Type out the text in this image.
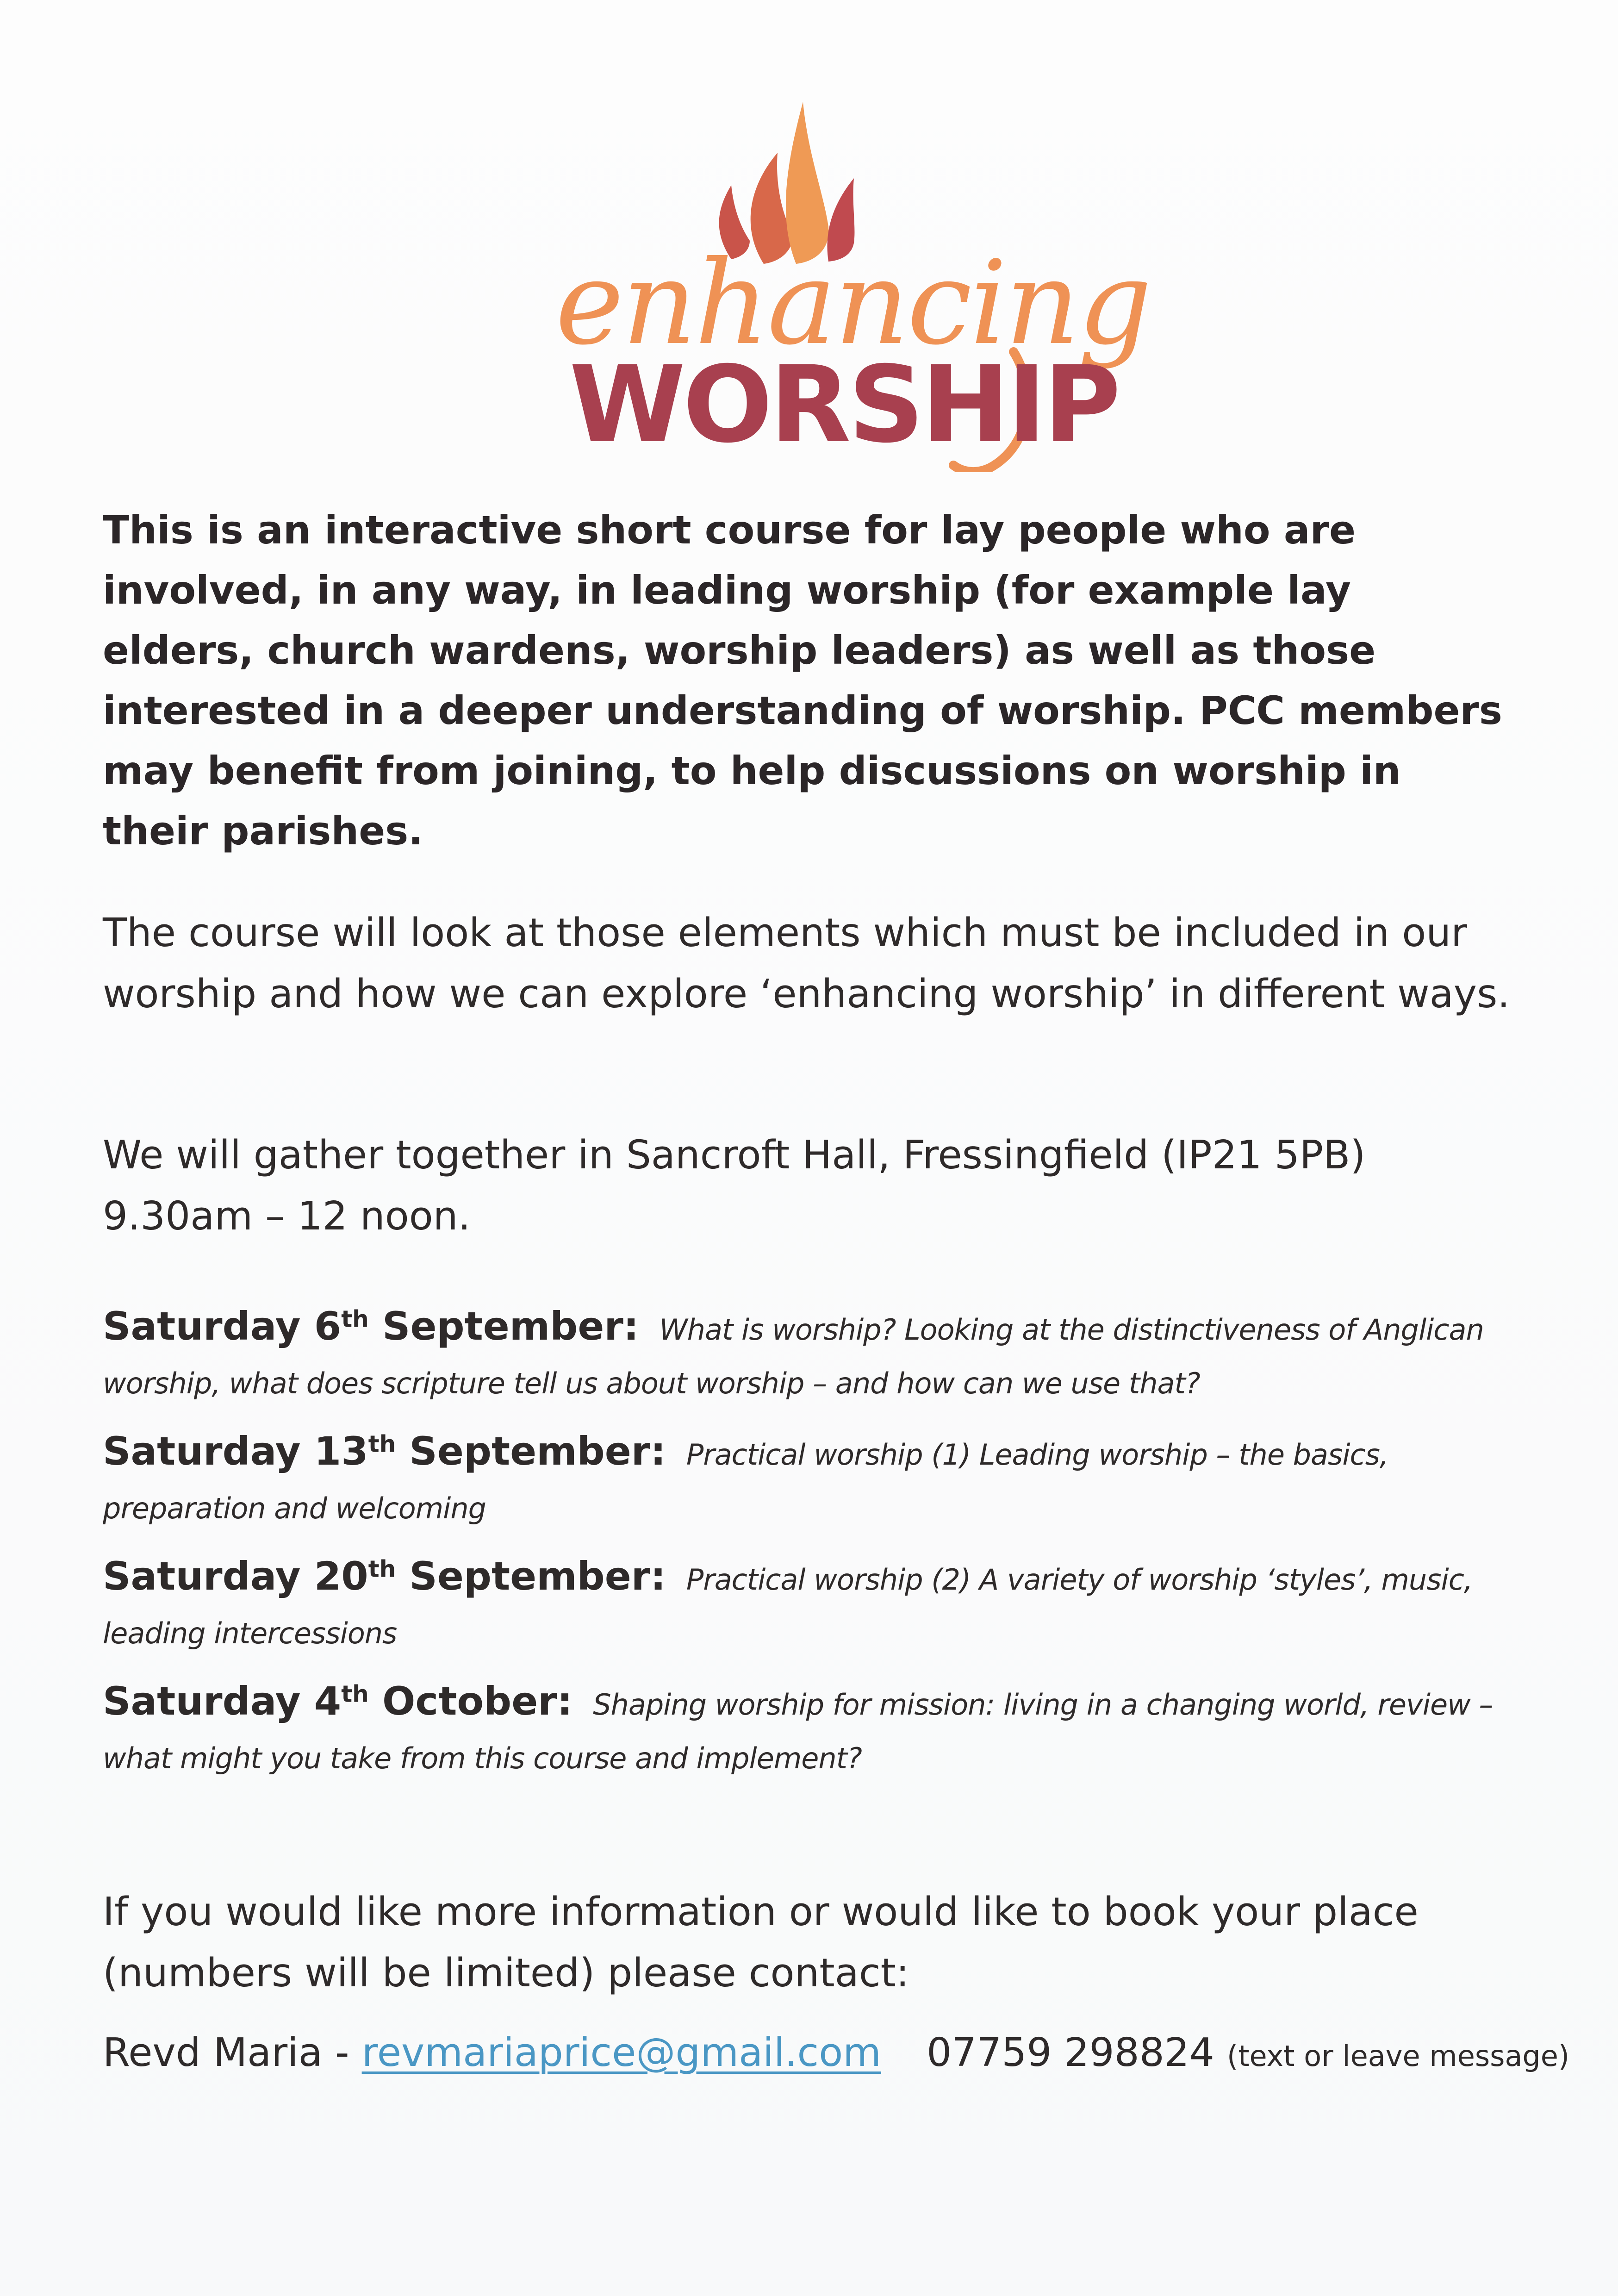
enhancing
WORSHIP

This is an interactive short course for lay people who are involved, in any way, in leading worship (for example lay elders, church wardens, worship leaders) as well as those interested in a deeper understanding of worship. PCC members may benefit from joining, to help discussions on worship in their parishes.

The course will look at those elements which must be included in our worship and how we can explore ‘enhancing worship’ in different ways.

We will gather together in Sancroft Hall, Fressingfield (IP21 5PB)

9.30am – 12 noon.

Saturday 6th September: What is worship? Looking at the distinctiveness of Anglican worship, what does scripture tell us about worship – and how can we use that?

Saturday 13th September: Practical worship (1) Leading worship – the basics, preparation and welcoming

Saturday 20th September: Practical worship (2) A variety of worship ‘styles’, music, leading intercessions

Saturday 4th October: Shaping worship for mission: living in a changing world, review – what might you take from this course and implement?

If you would like more information or would like to book your place (numbers will be limited) please contact:

Revd Maria - revmariaprice@gmail.com 07759 298824 (text or leave message)
